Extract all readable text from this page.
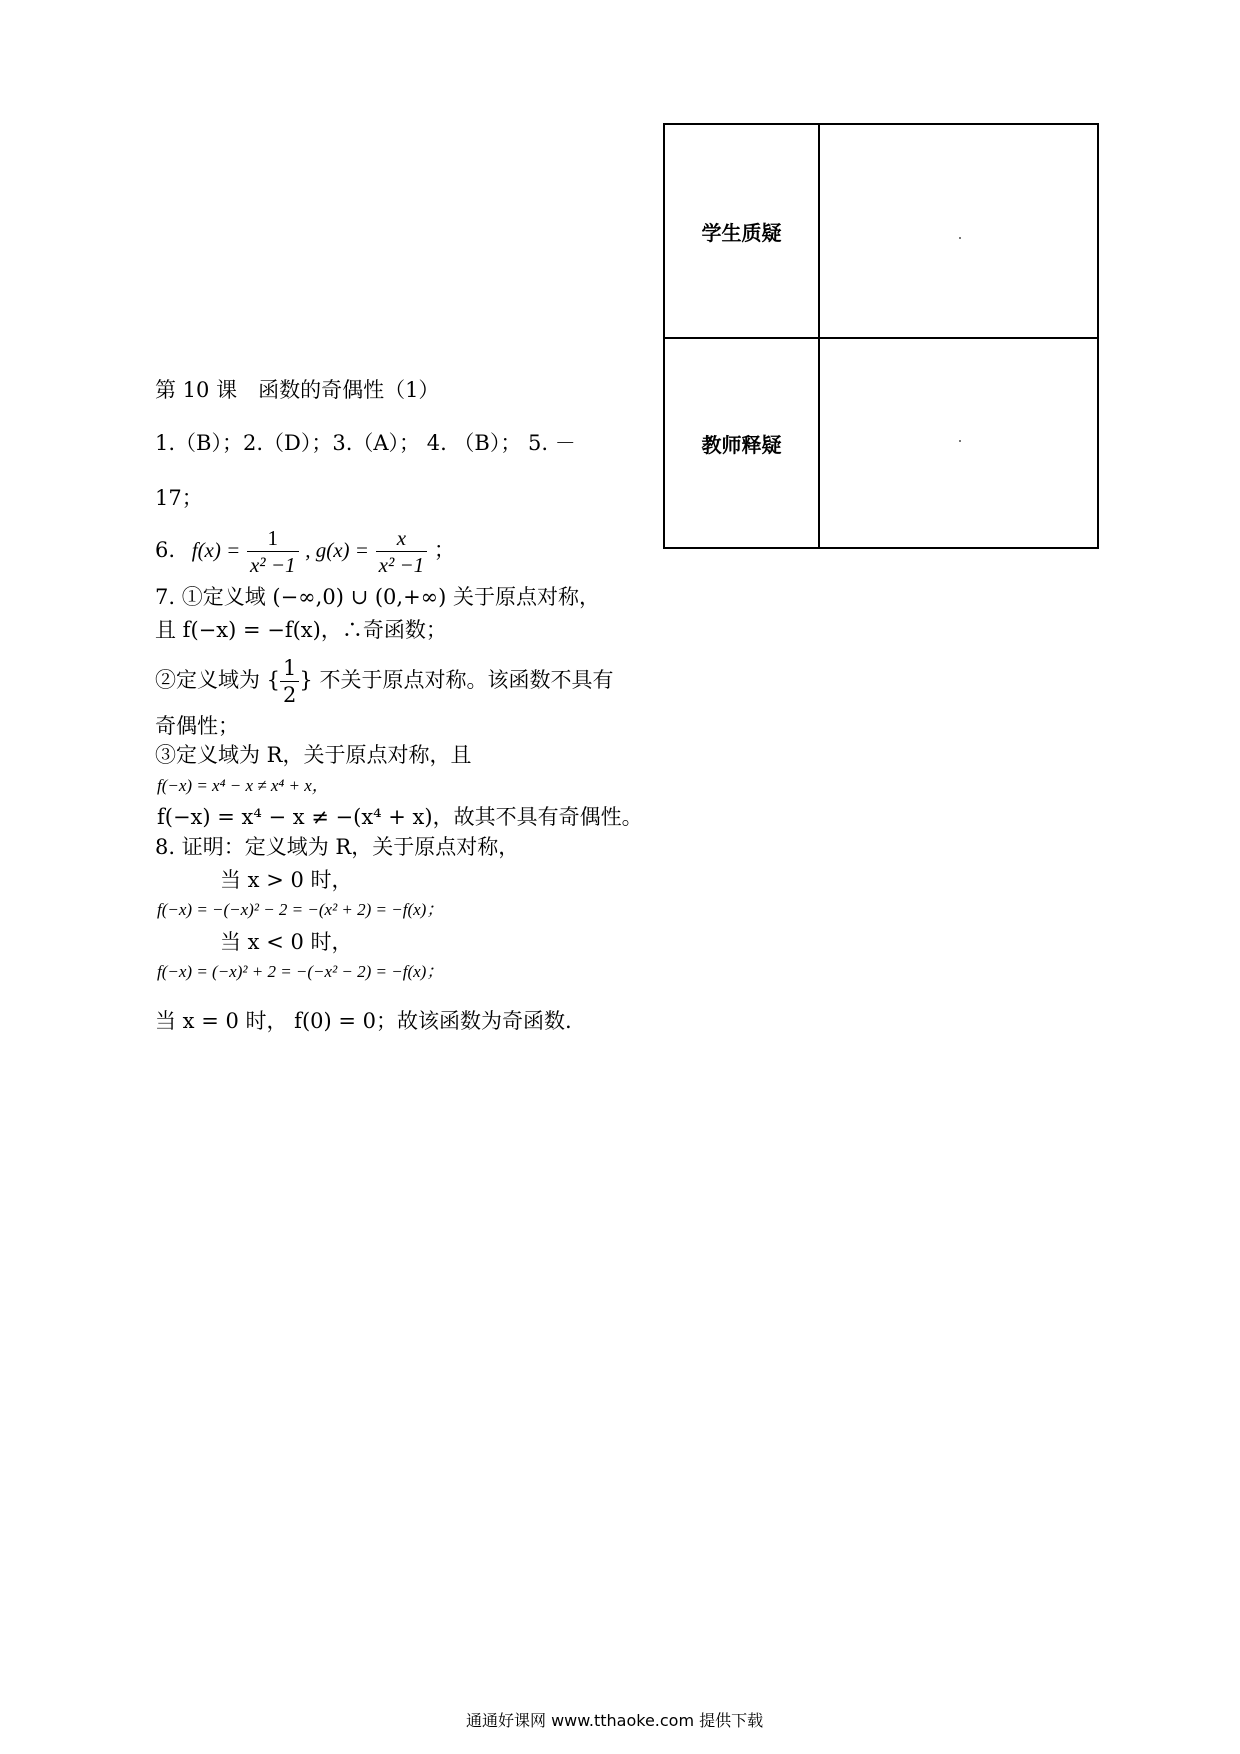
学生质疑
教师释疑
第 10 课　函数的奇偶性（1）
1.（B）；2.（D）；3.（A）； 4. （B）； 5. －
17；
6. $f(x) = \frac{1}{\text{x² −1}}$ , $g(x) = \frac{x}{\text{x² −1}}$ ；
7. ①定义域 (−∞,0) ∪ (0,+∞) 关于原点对称，
且 f(−x) = −f(x)，∴奇函数；
②定义域为 { $\frac{1}{2}$ } 不关于原点对称。该函数不具有
奇偶性；
③定义域为 R，关于原点对称，且
f(−x) = x⁴ − x ≠ x⁴ + x，
f(−x) = x⁴ − x ≠ −(x⁴ + x)，故其不具有奇偶性。
8. 证明：定义域为 R，关于原点对称，
当 x > 0 时，
f(−x) = −(−x)² − 2 = −(x² + 2) = −f(x)；
当 x < 0 时，
f(−x) = (−x)² + 2 = −(−x² − 2) = −f(x)；
当 x = 0 时， f(0) = 0；故该函数为奇函数.
通通好课网 www.tthaoke.com 提供下载
